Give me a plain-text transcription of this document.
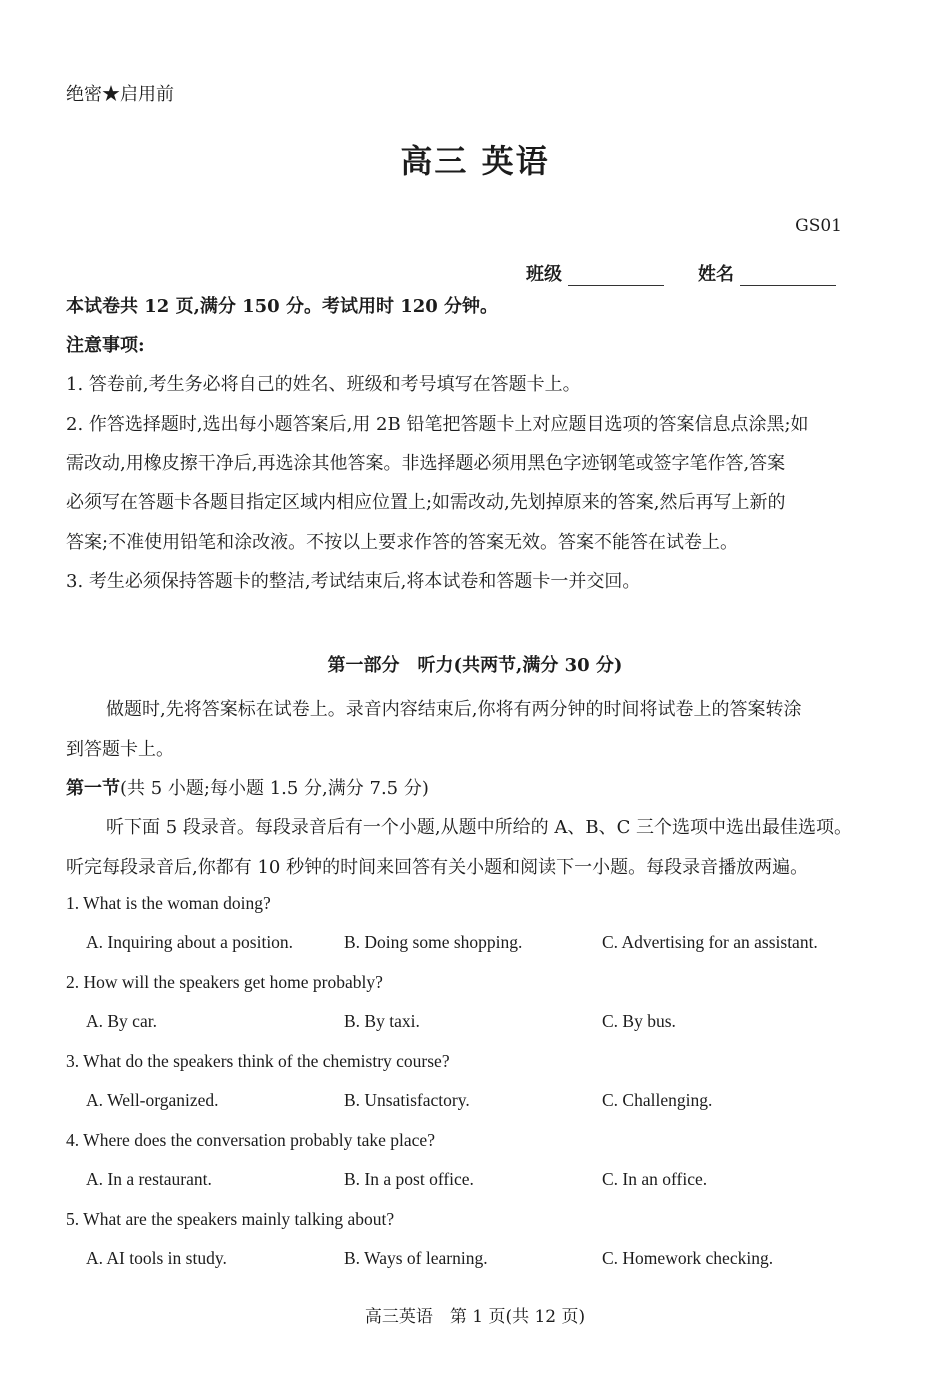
绝密★启用前
高三 英语
GS01
班级	姓名
本试卷共 12 页,满分 150 分。考试用时 120 分钟。
注意事项:
1. 答卷前,考生务必将自己的姓名、班级和考号填写在答题卡上。
2. 作答选择题时,选出每小题答案后,用 2B 铅笔把答题卡上对应题目选项的答案信息点涂黑;如
需改动,用橡皮擦干净后,再选涂其他答案。非选择题必须用黑色字迹钢笔或签字笔作答,答案
必须写在答题卡各题目指定区域内相应位置上;如需改动,先划掉原来的答案,然后再写上新的
答案;不准使用铅笔和涂改液。不按以上要求作答的答案无效。答案不能答在试卷上。
3. 考生必须保持答题卡的整洁,考试结束后,将本试卷和答题卡一并交回。
第一部分　听力(共两节,满分 30 分)
做题时,先将答案标在试卷上。录音内容结束后,你将有两分钟的时间将试卷上的答案转涂
到答题卡上。
第一节(共 5 小题;每小题 1.5 分,满分 7.5 分)
听下面 5 段录音。每段录音后有一个小题,从题中所给的 A、B、C 三个选项中选出最佳选项。
听完每段录音后,你都有 10 秒钟的时间来回答有关小题和阅读下一小题。每段录音播放两遍。
1. What is the woman doing?
A. Inquiring about a position.	B. Doing some shopping.	C. Advertising for an assistant.
2. How will the speakers get home probably?
A. By car.	B. By taxi.	C. By bus.
3. What do the speakers think of the chemistry course?
A. Well-organized.	B. Unsatisfactory.	C. Challenging.
4. Where does the conversation probably take place?
A. In a restaurant.	B. In a post office.	C. In an office.
5. What are the speakers mainly talking about?
A. AI tools in study.	B. Ways of learning.	C. Homework checking.
高三英语　第 1 页(共 12 页)
